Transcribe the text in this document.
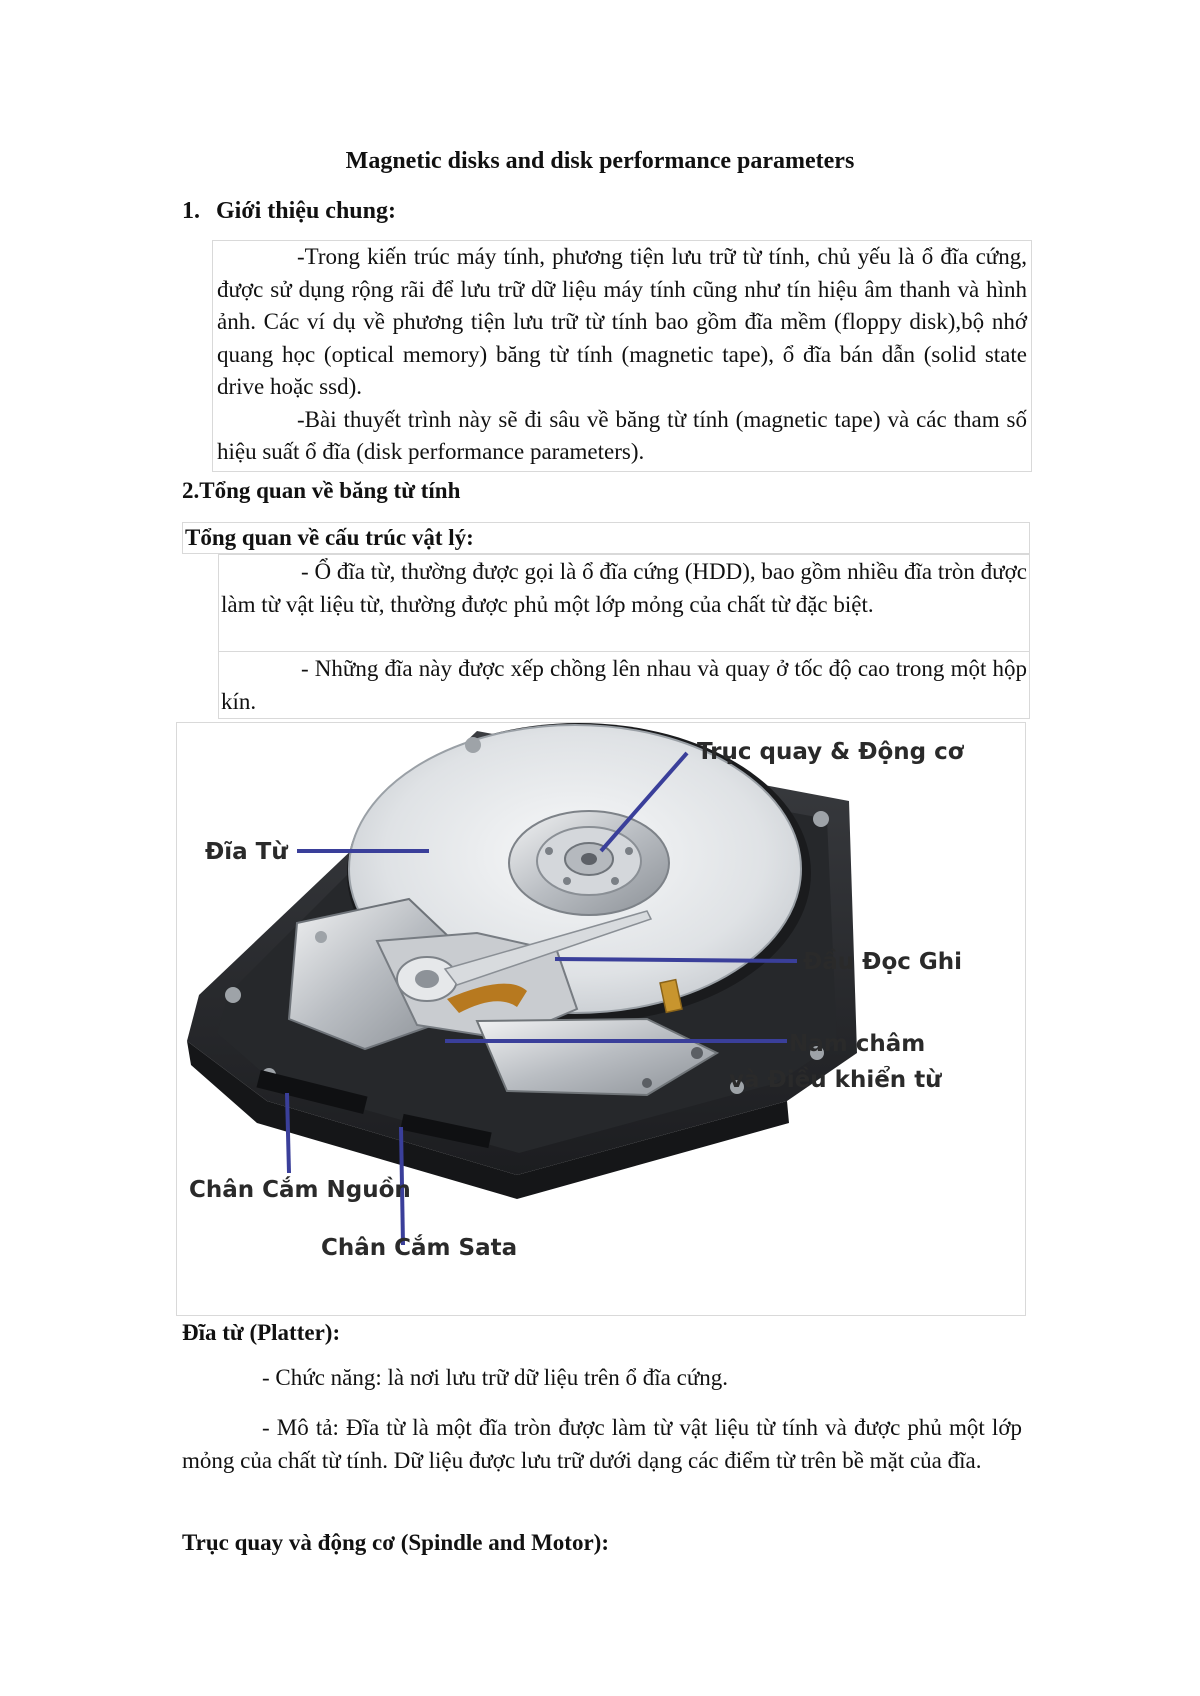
Magnetic disks and disk performance parameters
1. Giới thiệu chung:

-Trong kiến trúc máy tính, phương tiện lưu trữ từ tính, chủ yếu là ổ đĩa cứng, được sử dụng rộng rãi để lưu trữ dữ liệu máy tính cũng như tín hiệu âm thanh và hình ảnh. Các ví dụ về phương tiện lưu trữ từ tính bao gồm đĩa mềm (floppy disk),bộ nhớ quang học (optical memory) băng từ tính (magnetic tape), ổ đĩa bán dẫn (solid state drive hoặc ssd).

-Bài thuyết trình này sẽ đi sâu về băng từ tính (magnetic tape) và các tham số hiệu suất ổ đĩa (disk performance parameters).

2.Tổng quan về băng từ tính
Tổng quan về cấu trúc vật lý:

- Ổ đĩa từ, thường được gọi là ổ đĩa cứng (HDD), bao gồm nhiều đĩa tròn được làm từ vật liệu từ, thường được phủ một lớp mỏng của chất từ đặc biệt.

- Những đĩa này được xếp chồng lên nhau và quay ở tốc độ cao trong một hộp kín.

Trục quay & Động cơ
Đĩa Từ
Đầu Đọc Ghi
Nam châm
và Điều khiển từ
Chân Cắm Nguồn
Chân Cắm Sata
Đĩa từ (Platter):

- Chức năng: là nơi lưu trữ dữ liệu trên ổ đĩa cứng.

- Mô tả: Đĩa từ là một đĩa tròn được làm từ vật liệu từ tính và được phủ một lớp mỏng của chất từ tính. Dữ liệu được lưu trữ dưới dạng các điểm từ trên bề mặt của đĩa.

Trục quay và động cơ (Spindle and Motor):
